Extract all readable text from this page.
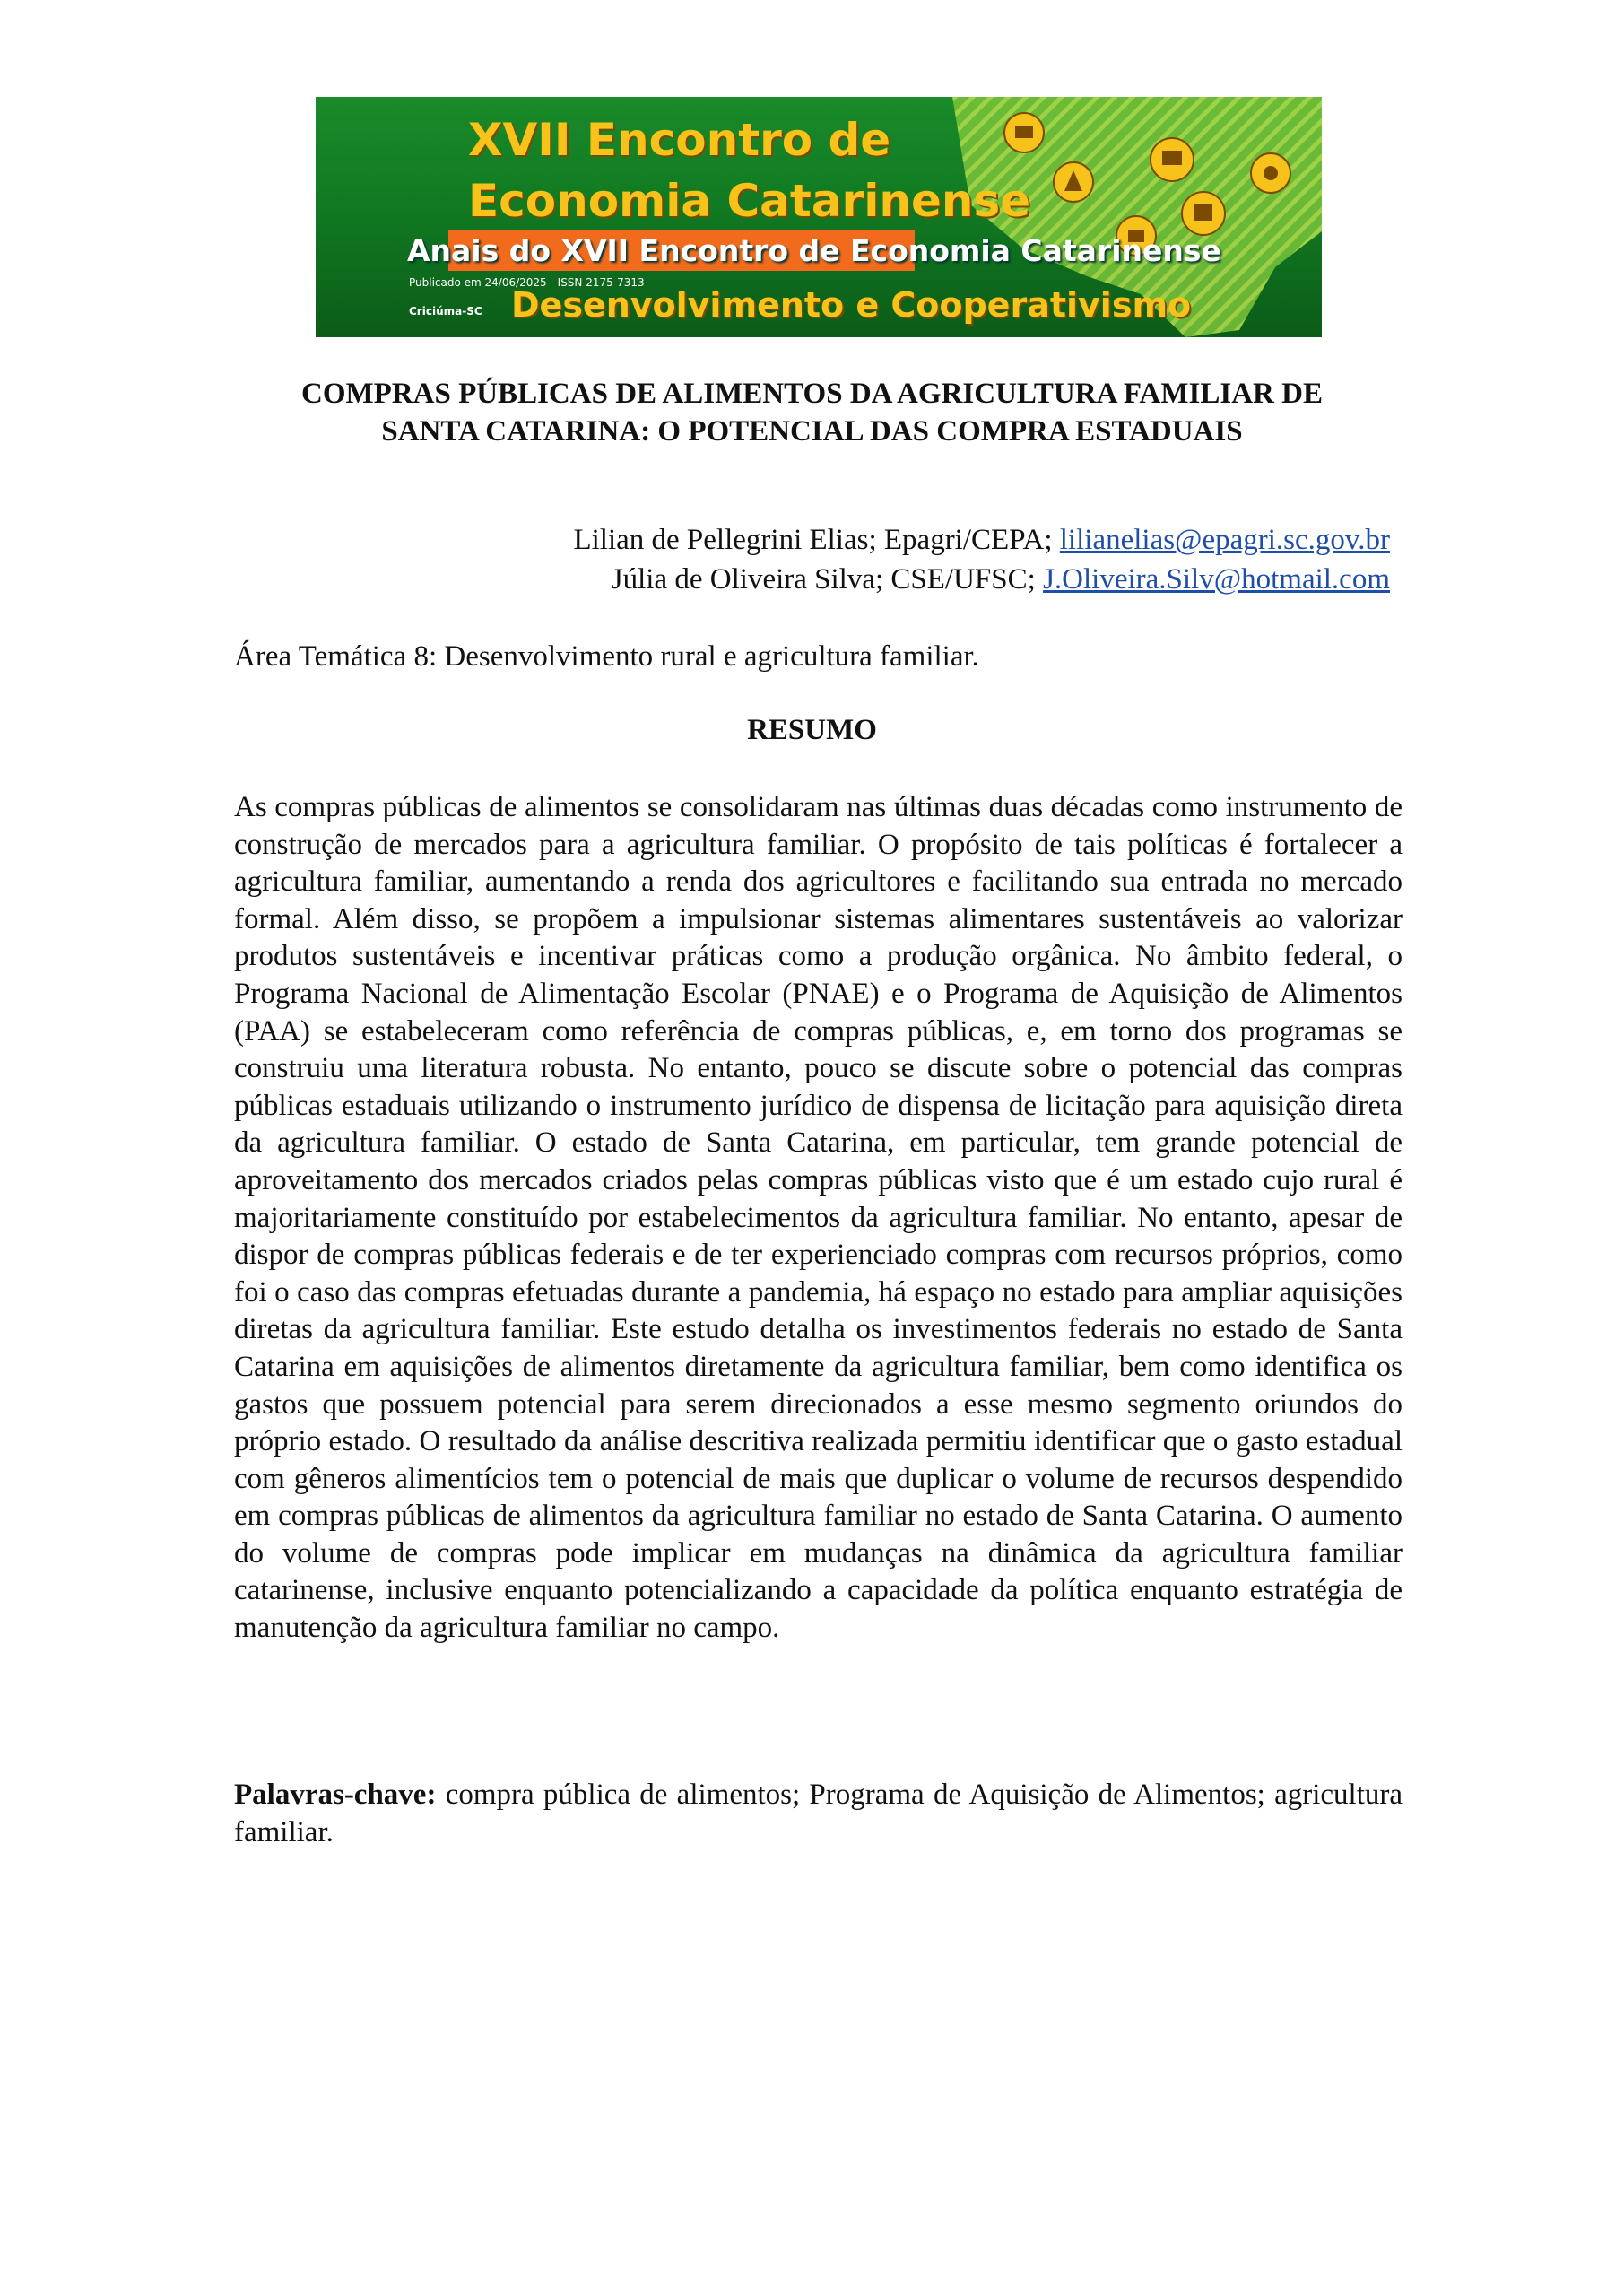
XVII Encontro de
Economia Catarinense
Anais do XVII Encontro de Economia Catarinense
Publicado em 24/06/2025 - ISSN 2175-7313
Criciúma-SC Desenvolvimento e Cooperativismo
COMPRAS PÚBLICAS DE ALIMENTOS DA AGRICULTURA FAMILIAR DE
SANTA CATARINA: O POTENCIAL DAS COMPRA ESTADUAIS
Lilian de Pellegrini Elias; Epagri/CEPA; lilianelias@epagri.sc.gov.br
Júlia de Oliveira Silva; CSE/UFSC; J.Oliveira.Silv@hotmail.com
Área Temática 8: Desenvolvimento rural e agricultura familiar.
RESUMO

As compras públicas de alimentos se consolidaram nas últimas duas décadas como instrumento de construção de mercados para a agricultura familiar. O propósito de tais políticas é fortalecer a agricultura familiar, aumentando a renda dos agricultores e facilitando sua entrada no mercado formal. Além disso, se propõem a impulsionar sistemas alimentares sustentáveis ao valorizar produtos sustentáveis e incentivar práticas como a produção orgânica. No âmbito federal, o Programa Nacional de Alimentação Escolar (PNAE) e o Programa de Aquisição de Alimentos (PAA) se estabeleceram como referência de compras públicas, e, em torno dos programas se construiu uma literatura robusta. No entanto, pouco se discute sobre o potencial das compras públicas estaduais utilizando o instrumento jurídico de dispensa de licitação para aquisição direta da agricultura familiar. O estado de Santa Catarina, em particular, tem grande potencial de aproveitamento dos mercados criados pelas compras públicas visto que é um estado cujo rural é majoritariamente constituído por estabelecimentos da agricultura familiar. No entanto, apesar de dispor de compras públicas federais e de ter experienciado compras com recursos próprios, como foi o caso das compras efetuadas durante a pandemia, há espaço no estado para ampliar aquisições diretas da agricultura familiar. Este estudo detalha os investimentos federais no estado de Santa Catarina em aquisições de alimentos diretamente da agricultura familiar, bem como identifica os gastos que possuem potencial para serem direcionados a esse mesmo segmento oriundos do próprio estado. O resultado da análise descritiva realizada permitiu identificar que o gasto estadual com gêneros alimentícios tem o potencial de mais que duplicar o volume de recursos despendido em compras públicas de alimentos da agricultura familiar no estado de Santa Catarina. O aumento do volume de compras pode implicar em mudanças na dinâmica da agricultura familiar catarinense, inclusive enquanto potencializando a capacidade da política enquanto estratégia de manutenção da agricultura familiar no campo.

Palavras-chave: compra pública de alimentos; Programa de Aquisição de Alimentos; agricultura familiar.
